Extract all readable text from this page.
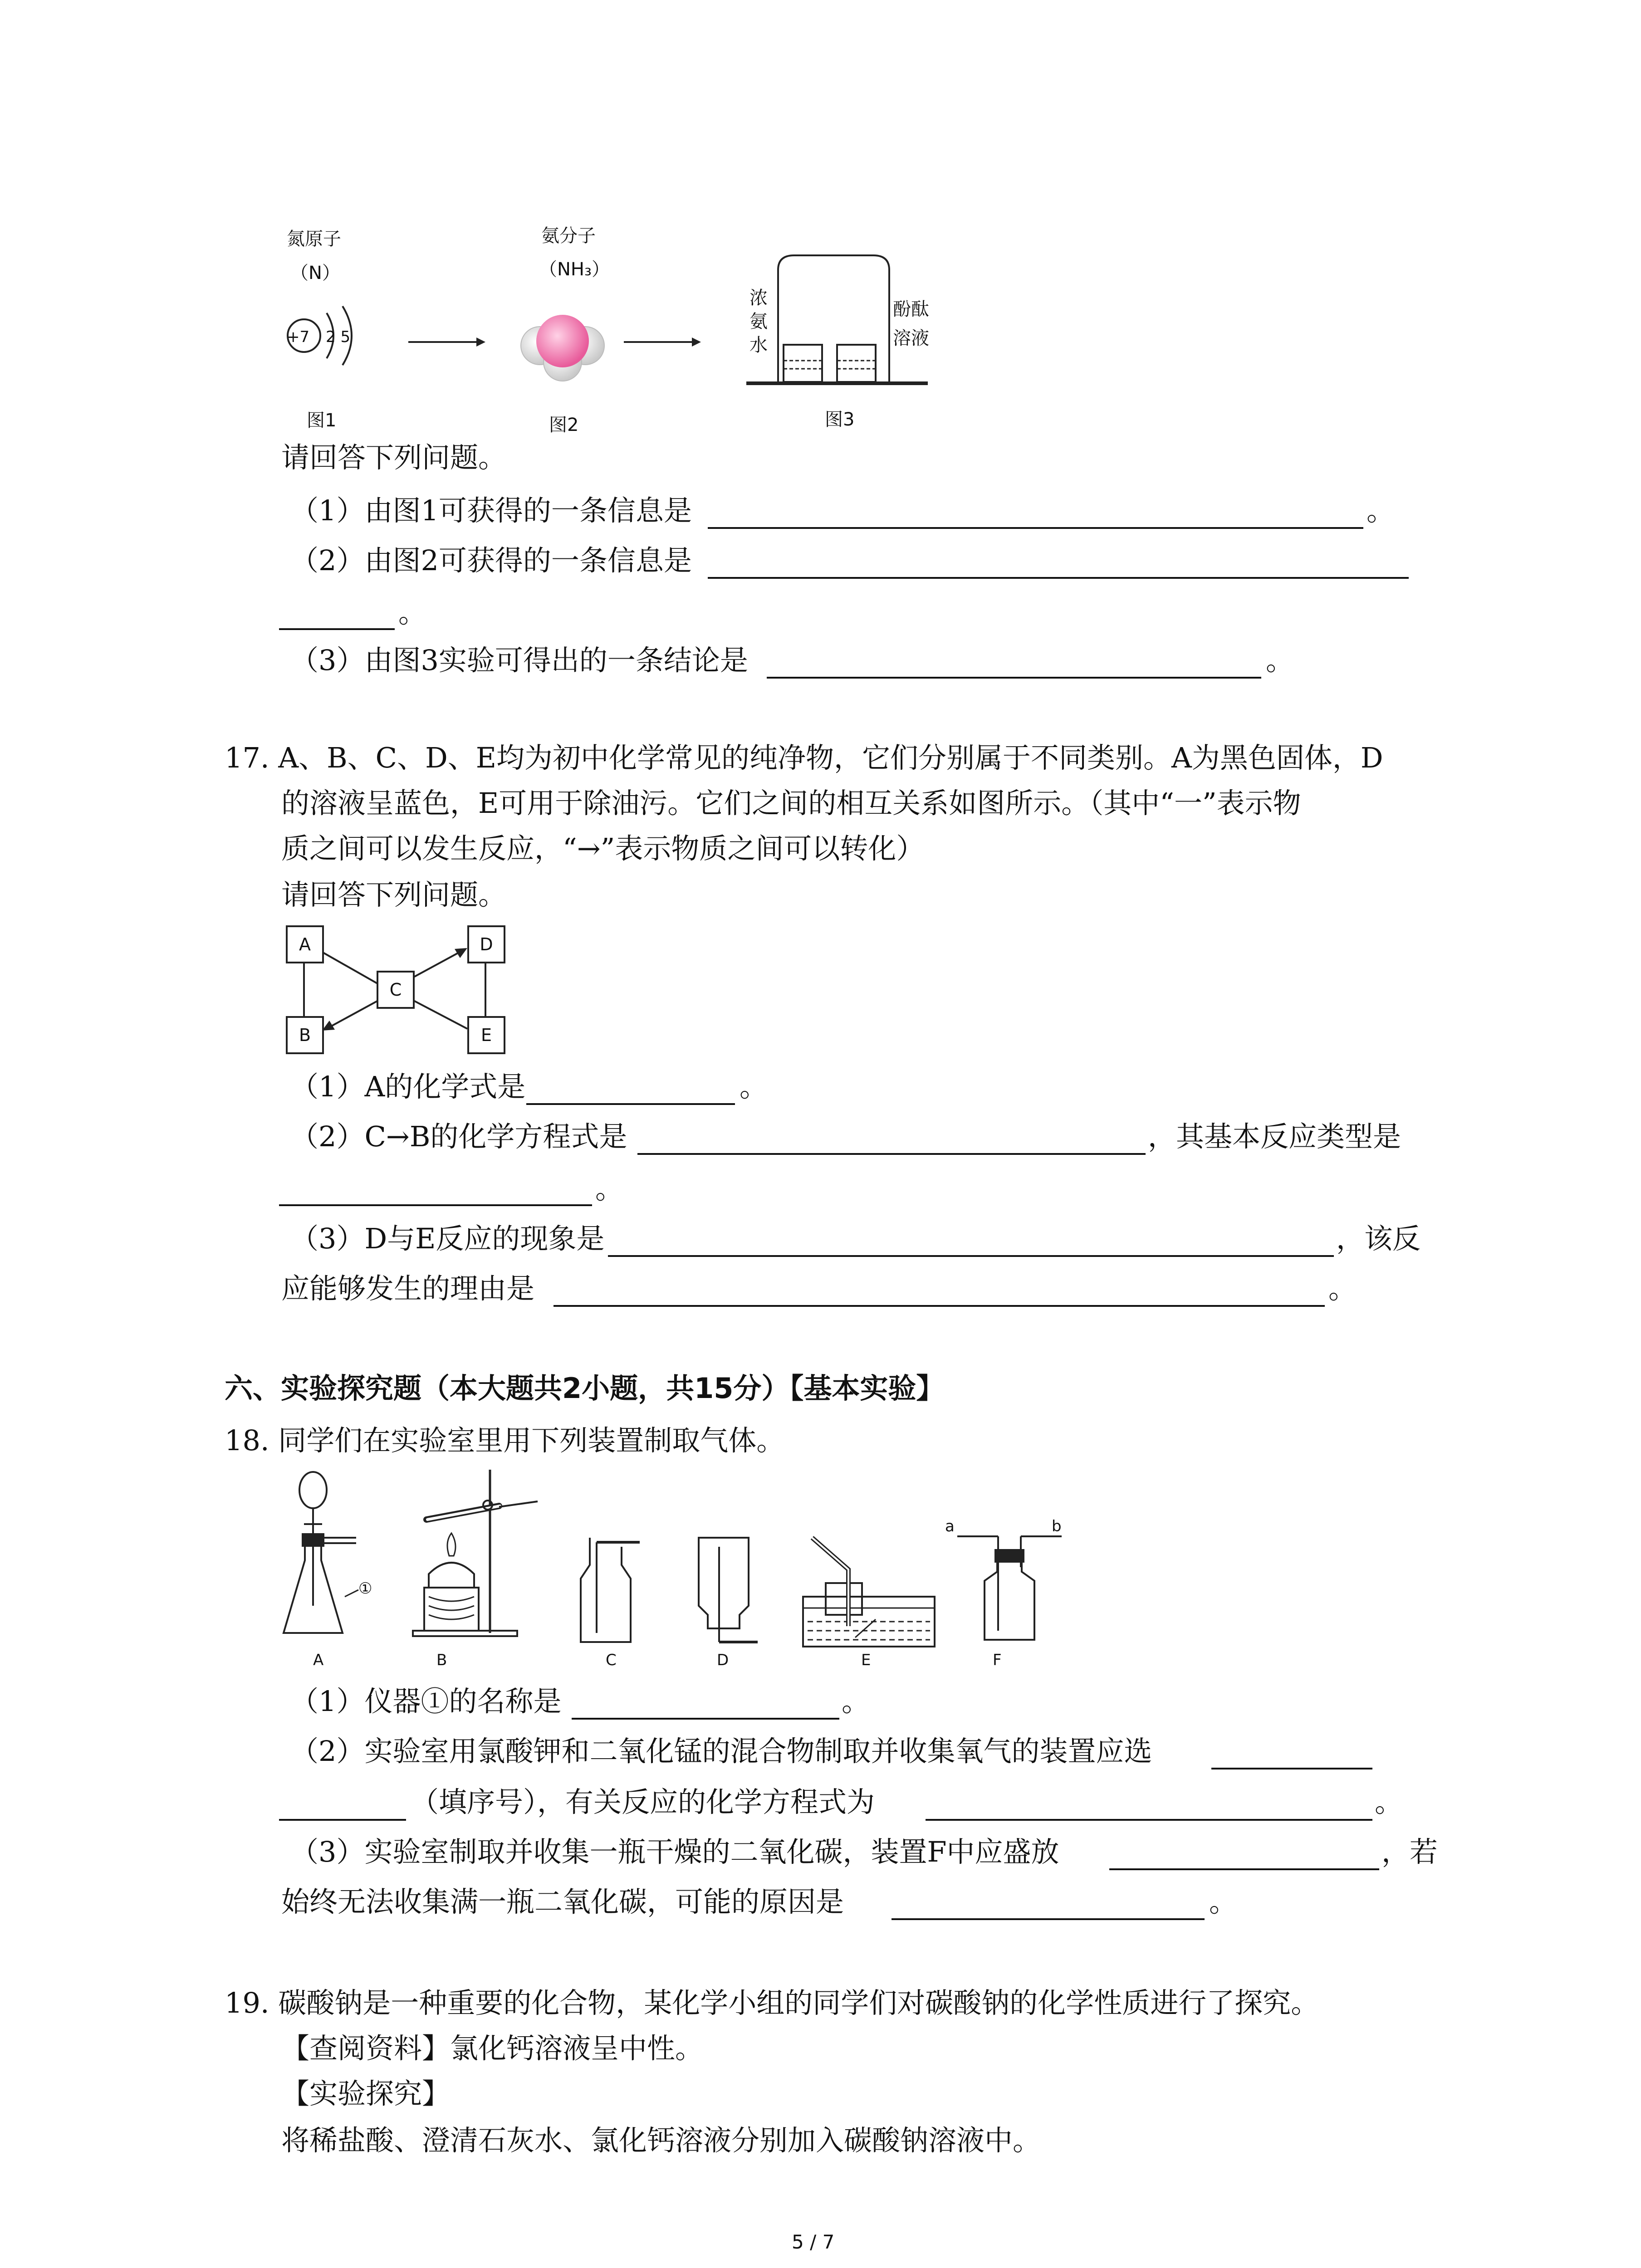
氮原子
（N）
+7 2 5
图1
氨分子
（NH₃）
图2
浓
氨
水
酚酞
溶液
图3
请回答下列问题。
（1）由图1可获得的一条信息是	。
（2）由图2可获得的一条信息是
。
（3）由图3实验可得出的一条结论是	。
17. A、B、C、D、E均为初中化学常见的纯净物，它们分别属于不同类别。A为黑色固体，D
的溶液呈蓝色，E可用于除油污。它们之间的相互关系如图所示。（其中“一”表示物
质之间可以发生反应，“→”表示物质之间可以转化）
请回答下列问题。
A	D
C
B	E
（1）A的化学式是	。
（2）C→B的化学方程式是	，其基本反应类型是
。
（3）D与E反应的现象是	，该反
应能够发生的理由是	。
六、实验探究题（本大题共2小题，共15分）【基本实验】
18. 同学们在实验室里用下列装置制取气体。
①
A	B	C	D	E
a	b
F
（1）仪器①的名称是	。
（2）实验室用氯酸钾和二氧化锰的混合物制取并收集氧气的装置应选
（填序号），有关反应的化学方程式为	。
（3）实验室制取并收集一瓶干燥的二氧化碳，装置F中应盛放	，若
始终无法收集满一瓶二氧化碳，可能的原因是	。
19. 碳酸钠是一种重要的化合物，某化学小组的同学们对碳酸钠的化学性质进行了探究。
【查阅资料】氯化钙溶液呈中性。
【实验探究】
将稀盐酸、澄清石灰水、氯化钙溶液分别加入碳酸钠溶液中。
5 / 7
